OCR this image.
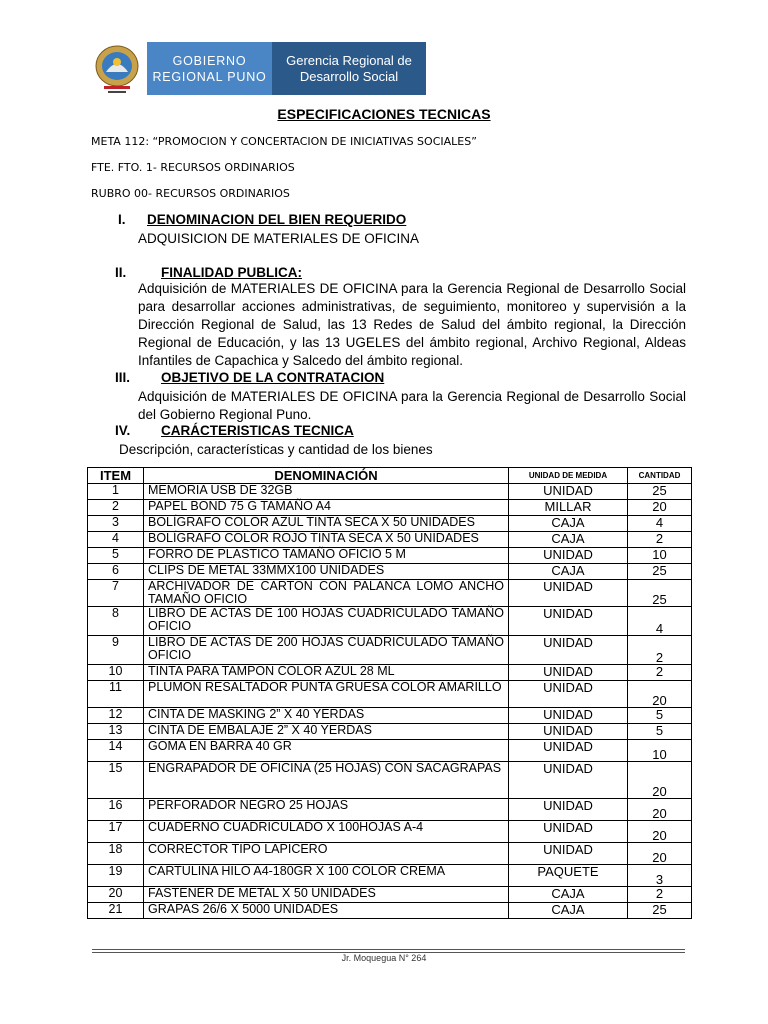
GOBIERNO
REGIONAL PUNO
Gerencia Regional de
Desarrollo Social
ESPECIFICACIONES TECNICAS
META 112: “PROMOCION Y CONCERTACION DE INICIATIVAS SOCIALES”
FTE. FTO. 1- RECURSOS ORDINARIOS
RUBRO 00- RECURSOS ORDINARIOS
I. DENOMINACION DEL BIEN REQUERIDO
ADQUISICION DE MATERIALES DE OFICINA
II.	FINALIDAD PUBLICA:
Adquisición de MATERIALES DE OFICINA para la Gerencia Regional de Desarrollo Social para desarrollar acciones administrativas, de seguimiento, monitoreo y supervisión a la Dirección Regional de Salud, las 13 Redes de Salud del ámbito regional, la Dirección Regional de Educación, y las 13 UGELES del ámbito regional, Archivo Regional, Aldeas Infantiles de Capachica y Salcedo del ámbito regional.
III. OBJETIVO DE LA CONTRATACION
Adquisición de MATERIALES DE OFICINA para la Gerencia Regional de Desarrollo Social del Gobierno Regional Puno.
IV. CARÁCTERISTICAS TECNICA
Descripción, características y cantidad de los bienes
ITEM	DENOMINACIÓN	UNIDAD DE MEDIDA	CANTIDAD
1	MEMORIA USB DE 32GB	UNIDAD	25
2	PAPEL BOND 75 G TAMAÑO A4	MILLAR	20
3	BOLÍGRAFO COLOR AZUL TINTA SECA X 50 UNIDADES	CAJA	4
4	BOLÍGRAFO COLOR ROJO TINTA SECA X 50 UNIDADES	CAJA	2
5	FORRO DE PLASTICO TAMAÑO OFICIO 5 M	UNIDAD	10
6	CLIPS DE METAL 33MMX100 UNIDADES	CAJA	25
7	ARCHIVADOR DE CARTON CON PALANCA LOMO ANCHO TAMAÑO OFICIO	UNIDAD	25
8	LIBRO DE ACTAS DE 100 HOJAS CUADRICULADO TAMAÑO OFICIO	UNIDAD	4
9	LIBRO DE ACTAS DE 200 HOJAS CUADRICULADO TAMAÑO OFICIO	UNIDAD	2
10	TINTA PARA TAMPON COLOR AZUL 28 ML	UNIDAD	2
11	PLUMON RESALTADOR PUNTA GRUESA COLOR AMARILLO	UNIDAD	20
12	CINTA DE MASKING 2” X 40 YERDAS	UNIDAD	5
13	CINTA DE EMBALAJE 2” X 40 YERDAS	UNIDAD	5
14	GOMA EN BARRA 40 GR	UNIDAD	10
15	ENGRAPADOR DE OFICINA (25 HOJAS) CON SACAGRAPAS	UNIDAD	20
16	PERFORADOR NEGRO 25 HOJAS	UNIDAD	20
17	CUADERNO CUADRICULADO X 100HOJAS A-4	UNIDAD	20
18	CORRECTOR TIPO LAPICERO	UNIDAD	20
19	CARTULINA HILO A4-180GR X 100 COLOR CREMA	PAQUETE	3
20	FASTENER DE METAL X 50 UNIDADES	CAJA	2
21	GRAPAS 26/6 X 5000 UNIDADES	CAJA	25
Jr. Moquegua N° 264
